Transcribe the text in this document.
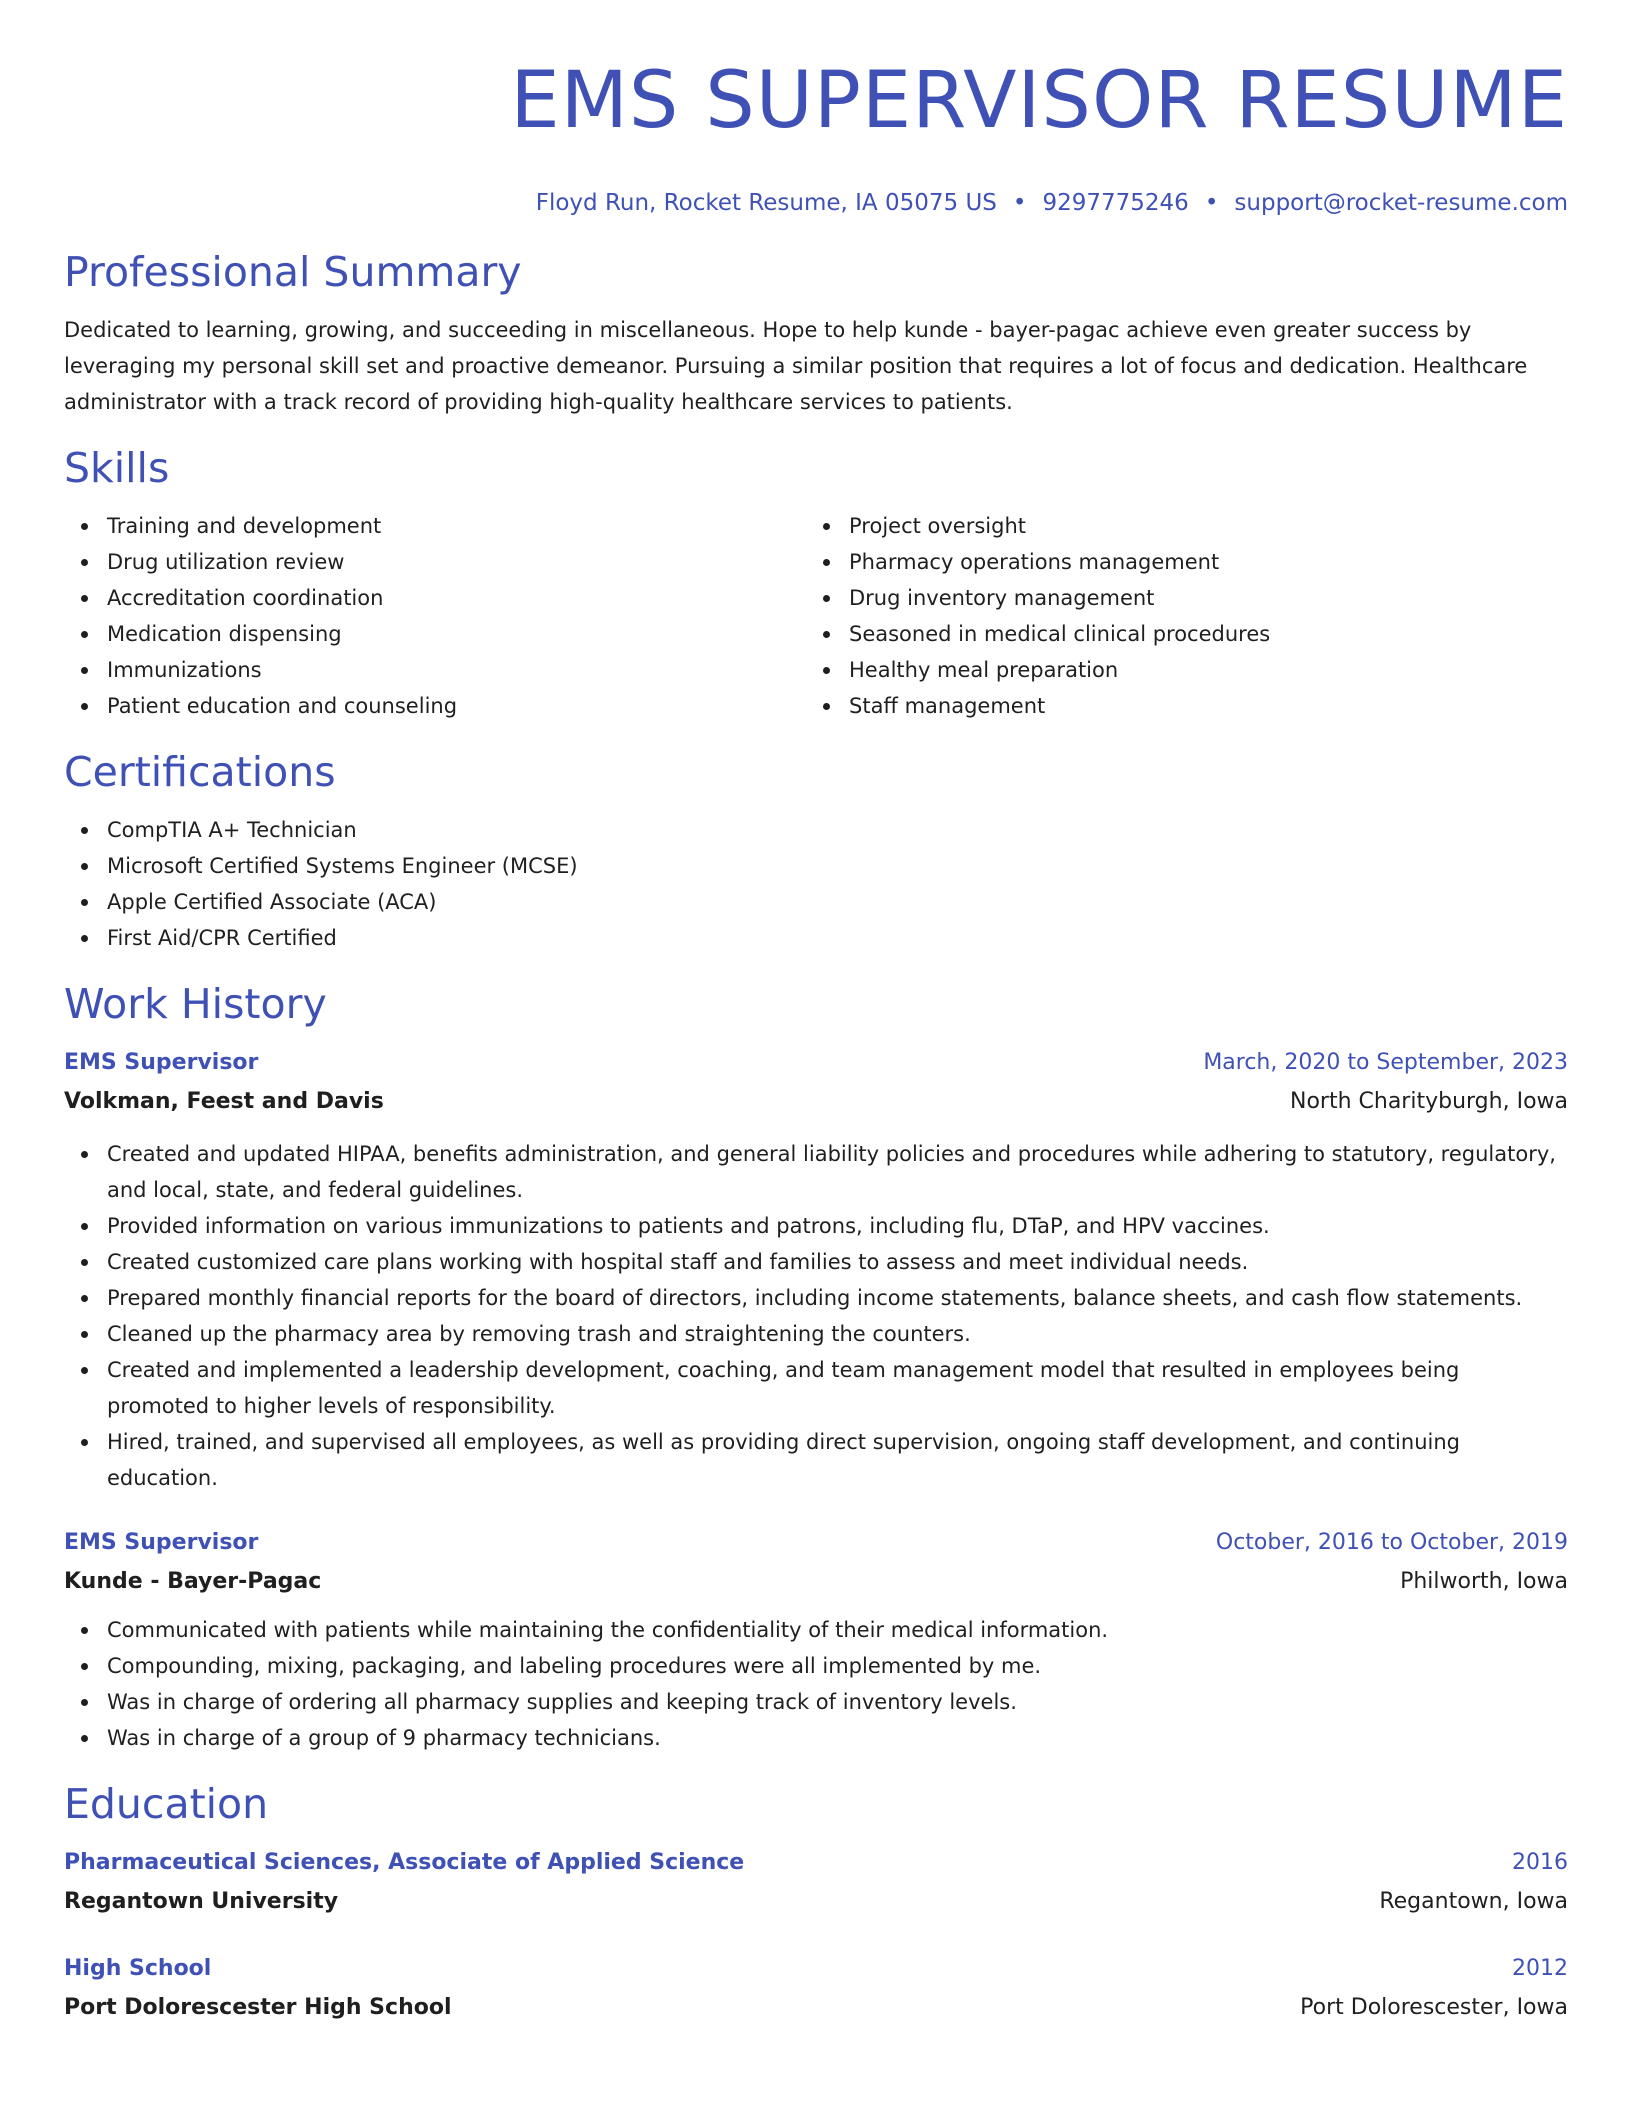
EMS SUPERVISOR RESUME
Floyd Run, Rocket Resume, IA 05075 US • 9297775246 • support@rocket-resume.com
Professional Summary

Dedicated to learning, growing, and succeeding in miscellaneous. Hope to help kunde - bayer-pagac achieve even greater success by leveraging my personal skill set and proactive demeanor. Pursuing a similar position that requires a lot of focus and dedication. Healthcare administrator with a track record of providing high-quality healthcare services to patients.

Skills
Training and development
Drug utilization review
Accreditation coordination
Medication dispensing
Immunizations
Patient education and counseling
Project oversight
Pharmacy operations management
Drug inventory management
Seasoned in medical clinical procedures
Healthy meal preparation
Staff management
Certifications
CompTIA A+ Technician
Microsoft Certified Systems Engineer (MCSE)
Apple Certified Associate (ACA)
First Aid/CPR Certified
Work History
EMS Supervisor	March, 2020 to September, 2023
Volkman, Feest and Davis	North Charityburgh, Iowa
Created and updated HIPAA, benefits administration, and general liability policies and procedures while adhering to statutory, regulatory, and local, state, and federal guidelines.
Provided information on various immunizations to patients and patrons, including flu, DTaP, and HPV vaccines.
Created customized care plans working with hospital staff and families to assess and meet individual needs.
Prepared monthly financial reports for the board of directors, including income statements, balance sheets, and cash flow statements.
Cleaned up the pharmacy area by removing trash and straightening the counters.
Created and implemented a leadership development, coaching, and team management model that resulted in employees being promoted to higher levels of responsibility.
Hired, trained, and supervised all employees, as well as providing direct supervision, ongoing staff development, and continuing education.
EMS Supervisor	October, 2016 to October, 2019
Kunde - Bayer-Pagac	Philworth, Iowa
Communicated with patients while maintaining the confidentiality of their medical information.
Compounding, mixing, packaging, and labeling procedures were all implemented by me.
Was in charge of ordering all pharmacy supplies and keeping track of inventory levels.
Was in charge of a group of 9 pharmacy technicians.
Education
Pharmaceutical Sciences, Associate of Applied Science	2016
Regantown University	Regantown, Iowa
High School	2012
Port Dolorescester High School	Port Dolorescester, Iowa
